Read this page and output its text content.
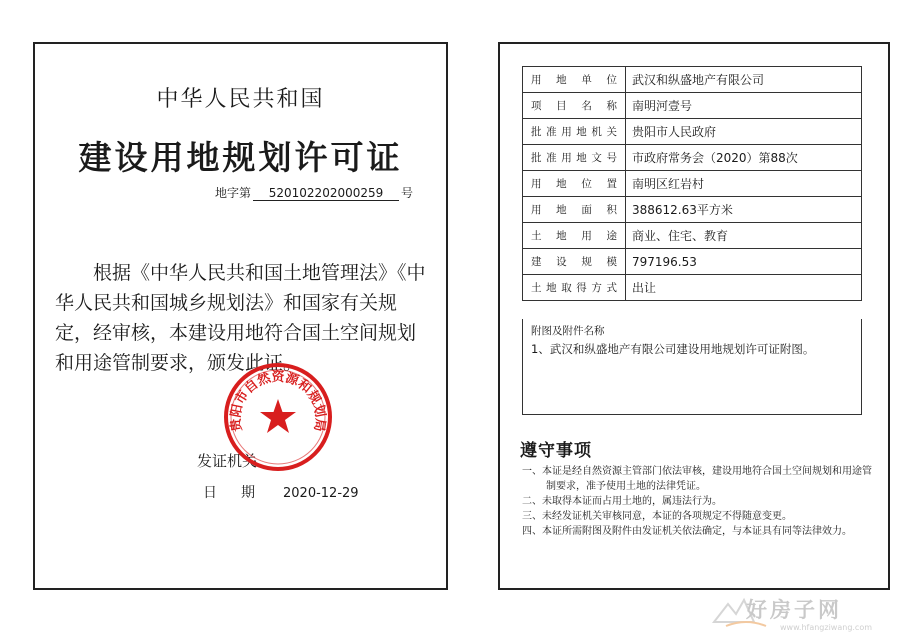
中华人民共和国
建设用地规划许可证
地字第 520102202000259 号
根据《中华人民共和国土地管理法》《中华人民共和国城乡规划法》和国家有关规定，经审核，本建设用地符合国土空间规划和用途管制要求，颁发此证。
发证机关
日期 2020-12-29
贵阳市自然资源和规划局
用地单位	武汉和纵盛地产有限公司
项目名称	南明河壹号
批准用地机关	贵阳市人民政府
批准用地文号	市政府常务会（2020）第88次
用地位置	南明区红岩村
用地面积	388612.63平方米
土地用途	商业、住宅、教育
建设规模	797196.53
土地取得方式	出让
附图及附件名称
1、武汉和纵盛地产有限公司建设用地规划许可证附图。
遵守事项
一、本证是经自然资源主管部门依法审核，建设用地符合国土空间规划和用途管制要求，准予使用土地的法律凭证。
二、未取得本证而占用土地的，属违法行为。
三、未经发证机关审核同意，本证的各项规定不得随意变更。
四、本证所需附图及附件由发证机关依法确定，与本证具有同等法律效力。
好房子网
www.hfangziwang.com
